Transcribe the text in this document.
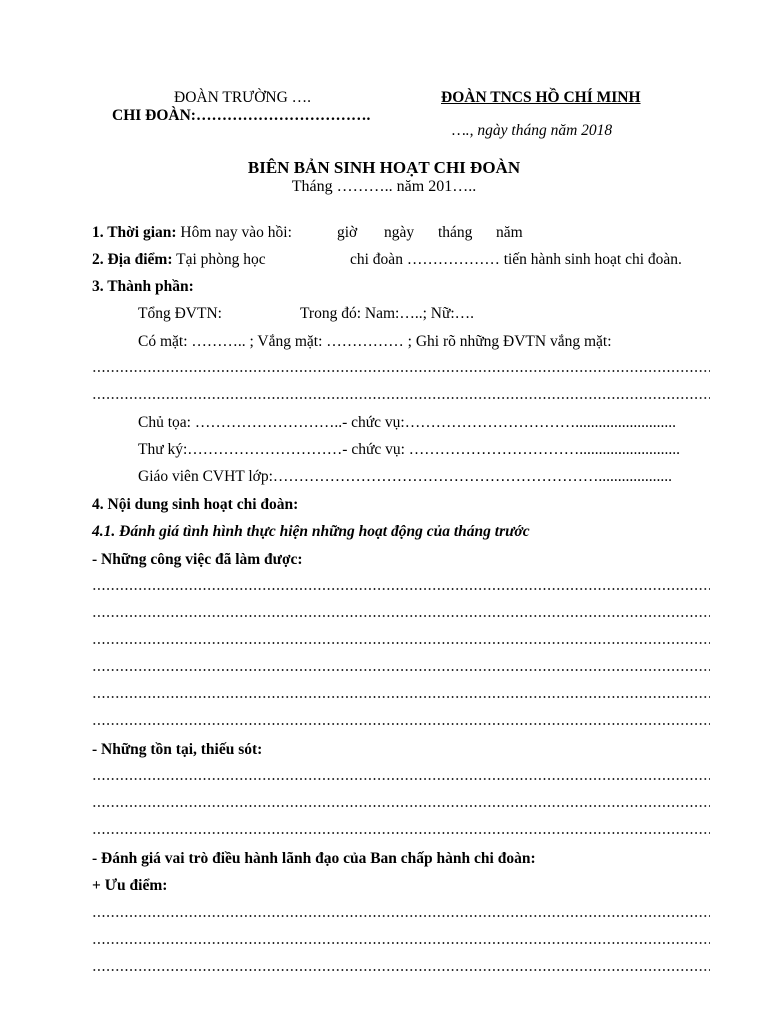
ĐOÀN TRƯỜNG ….
CHI ĐOÀN:…………………………….
ĐOÀN TNCS HỒ CHÍ MINH
…., ngày tháng năm 2018
BIÊN BẢN SINH HOẠT CHI ĐOÀN
Tháng ……….. năm 201…..
1. Thời gian: Hôm nay vào hồi:	giờ ngày tháng năm
2. Địa điểm: Tại phòng học	chi đoàn ……………… tiến hành sinh hoạt chi đoàn.
3. Thành phần:
Tổng ĐVTN:	Trong đó: Nam:…..; Nữ:….
Có mặt: ……….. ; Vắng mặt: …………… ; Ghi rõ những ĐVTN vắng mặt:
Chủ tọa: ………………………..- chức vụ:……………………………..........................
Thư ký:…………………………- chức vụ: ……………………………..........................
Giáo viên CVHT lớp:………………………………………………………...................
4. Nội dung sinh hoạt chi đoàn:
4.1. Đánh giá tình hình thực hiện những hoạt động của tháng trước
- Những công việc đã làm được:
- Những tồn tại, thiếu sót:
- Đánh giá vai trò điều hành lãnh đạo của Ban chấp hành chi đoàn:
+ Ưu điểm:
